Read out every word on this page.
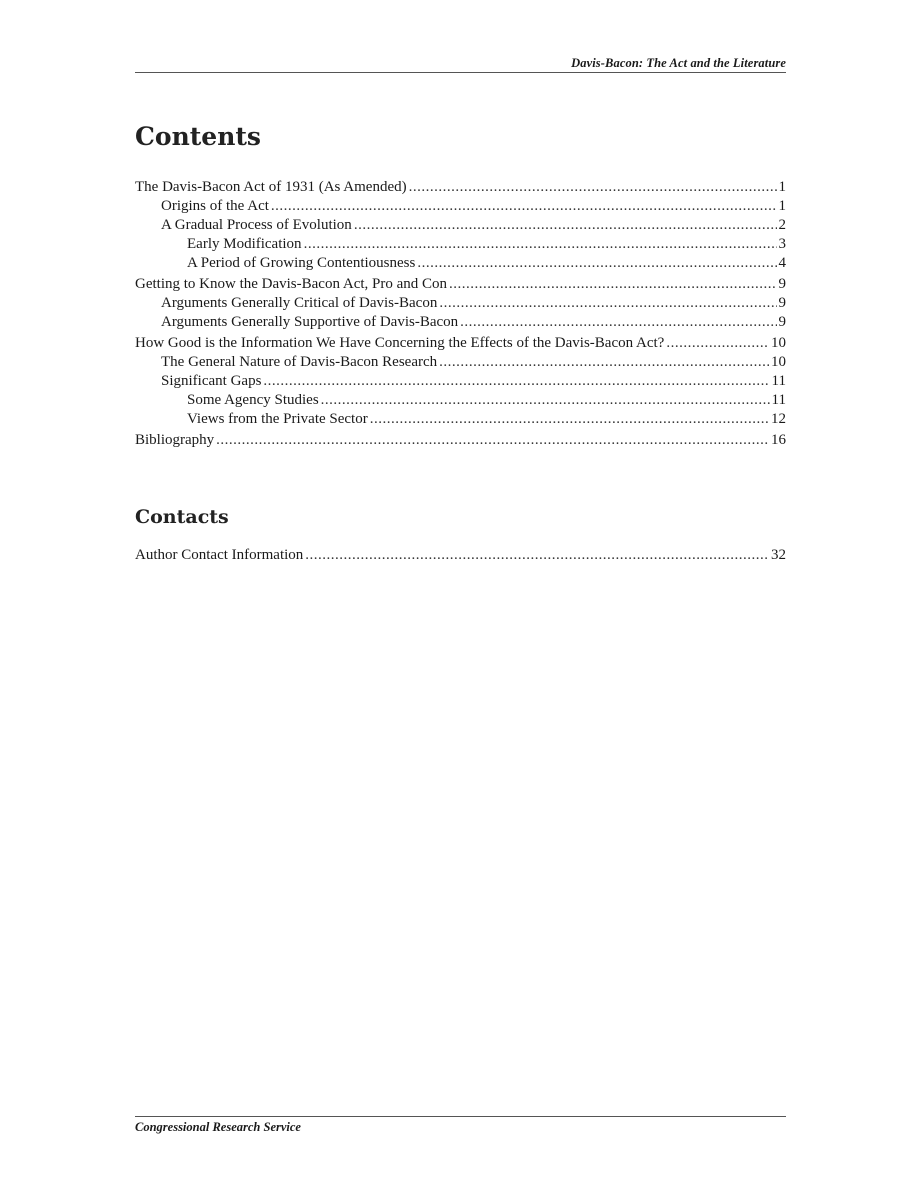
Davis-Bacon: The Act and the Literature
Contents
The Davis-Bacon Act of 1931 (As Amended) .....	1
Origins of the Act .....	1
A Gradual Process of Evolution .....	2
Early Modification .....	3
A Period of Growing Contentiousness .....	4
Getting to Know the Davis-Bacon Act, Pro and Con .....	9
Arguments Generally Critical of Davis-Bacon .....	9
Arguments Generally Supportive of Davis-Bacon .....	9
How Good is the Information We Have Concerning the Effects of the Davis-Bacon Act? .....	10
The General Nature of Davis-Bacon Research .....	10
Significant Gaps .....	11
Some Agency Studies .....	11
Views from the Private Sector .....	12
Bibliography .....	16
Contacts
Author Contact Information .....	32
Congressional Research Service
